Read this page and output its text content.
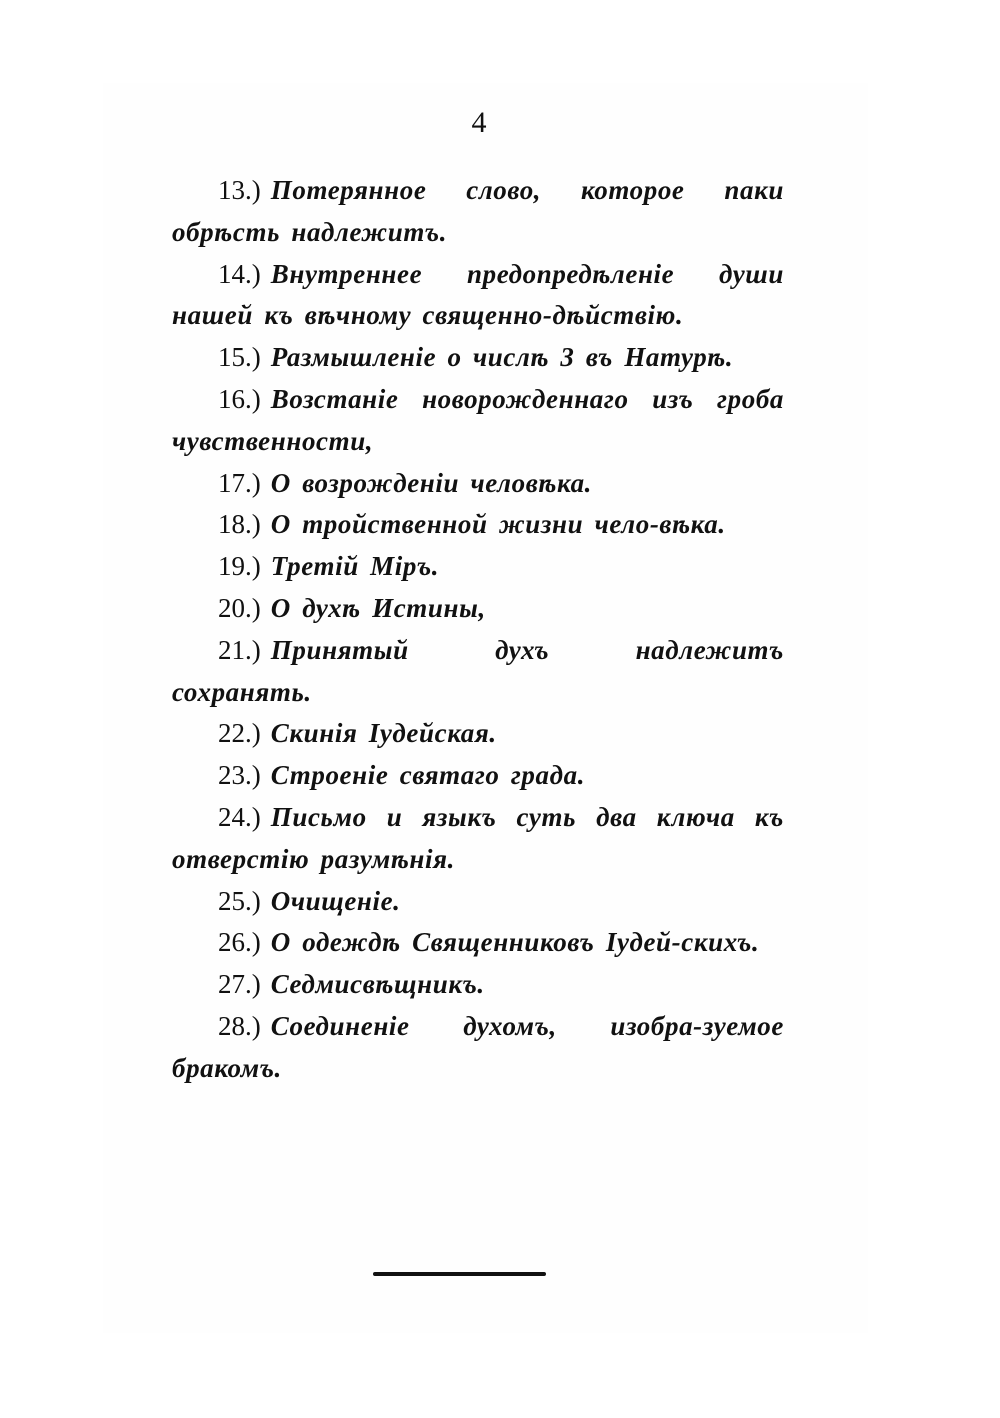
4

13.) Потерянное слово, которое паки обрѣсть надлежитъ.

14.) Внутреннее предопредѣленіе души нашей къ вѣчному священно-дѣйствію.

15.) Размышленіе о числѣ 3 въ Натурѣ.

16.) Возстаніе новорожденнаго изъ гроба чувственности,

17.) О возрожденіи человѣка.

18.) О тройственной жизни чело-вѣка.

19.) Третій Міръ.

20.) О духѣ Истины,

21.) Принятый духъ надлежитъ сохранять.

22.) Скинія Іудейская.

23.) Строеніе святаго града.

24.) Письмо и языкъ суть два ключа къ отверстію разумѣнія.

25.) Очищеніе.

26.) О одеждѣ Священниковъ Іудей-скихъ.

27.) Седмисвѣщникъ.

28.) Соединеніе духомъ, изобра-зуемое бракомъ.
